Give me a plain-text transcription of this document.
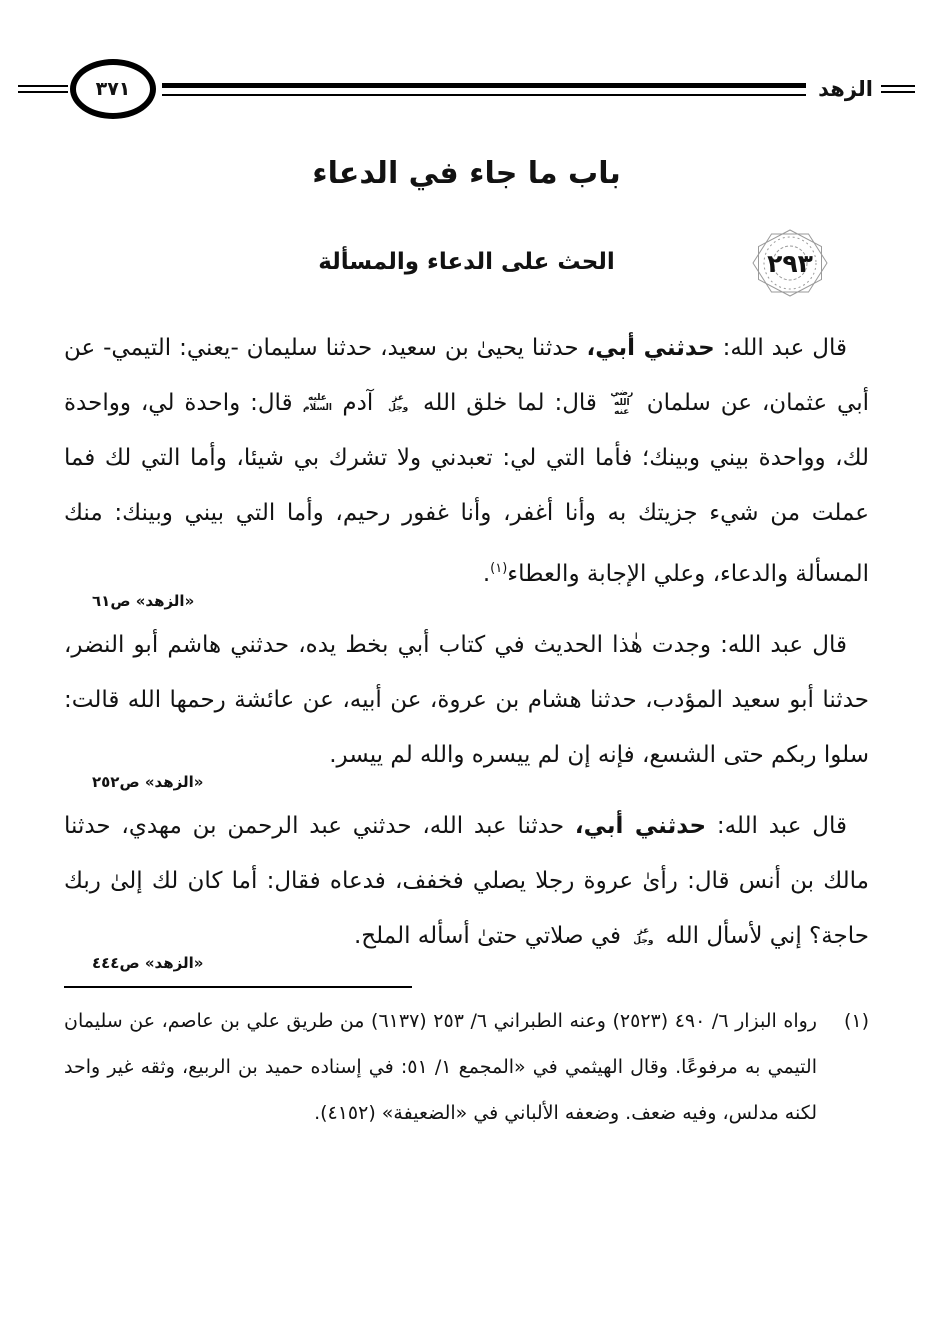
الزهد
٣٧١
باب ما جاء في الدعاء
٢٩٣
الحث على الدعاء والمسألة

قال عبد الله: حدثني أبي، حدثنا يحيىٰ بن سعيد، حدثنا سليمان -يعني: التيمي- عن أبي عثمان، عن سلمان رضي الله عنه قال: لما خلق الله عز وجل آدم عليه السلام قال: واحدة لي، وواحدة لك، وواحدة بيني وبينك؛ فأما التي لي: تعبدني ولا تشرك بي شيئا، وأما التي لك فما عملت من شيء جزيتك به وأنا أغفر، وأنا غفور رحيم، وأما التي بيني وبينك: منك المسألة والدعاء، وعلي الإجابة والعطاء$^{(١)}$.

«الزهد» ص٦١

قال عبد الله: وجدت هٰذا الحديث في كتاب أبي بخط يده، حدثني هاشم أبو النضر، حدثنا أبو سعيد المؤدب، حدثنا هشام بن عروة، عن أبيه، عن عائشة رحمها الله قالت: سلوا ربكم حتى الشسع، فإنه إن لم ييسره والله لم ييسر.

«الزهد» ص٢٥٢

قال عبد الله: حدثني أبي، حدثنا عبد الله، حدثني عبد الرحمن بن مهدي، حدثنا مالك بن أنس قال: رأىٰ عروة رجلا يصلي فخفف، فدعاه فقال: أما كان لك إلىٰ ربك حاجة؟ إني لأسأل الله عز وجل في صلاتي حتىٰ أسأله الملح.

«الزهد» ص٤٤٤
(١)
رواه البزار ٦/ ٤٩٠ (٢٥٢٣) وعنه الطبراني ٦/ ٢٥٣ (٦١٣٧) من طريق علي بن عاصم، عن سليمان التيمي به مرفوعًا. وقال الهيثمي في «المجمع ١/ ٥١: في إسناده حميد بن الربيع، وثقه غير واحد لكنه مدلس، وفيه ضعف. وضعفه الألباني في «الضعيفة» (٤١٥٢).
